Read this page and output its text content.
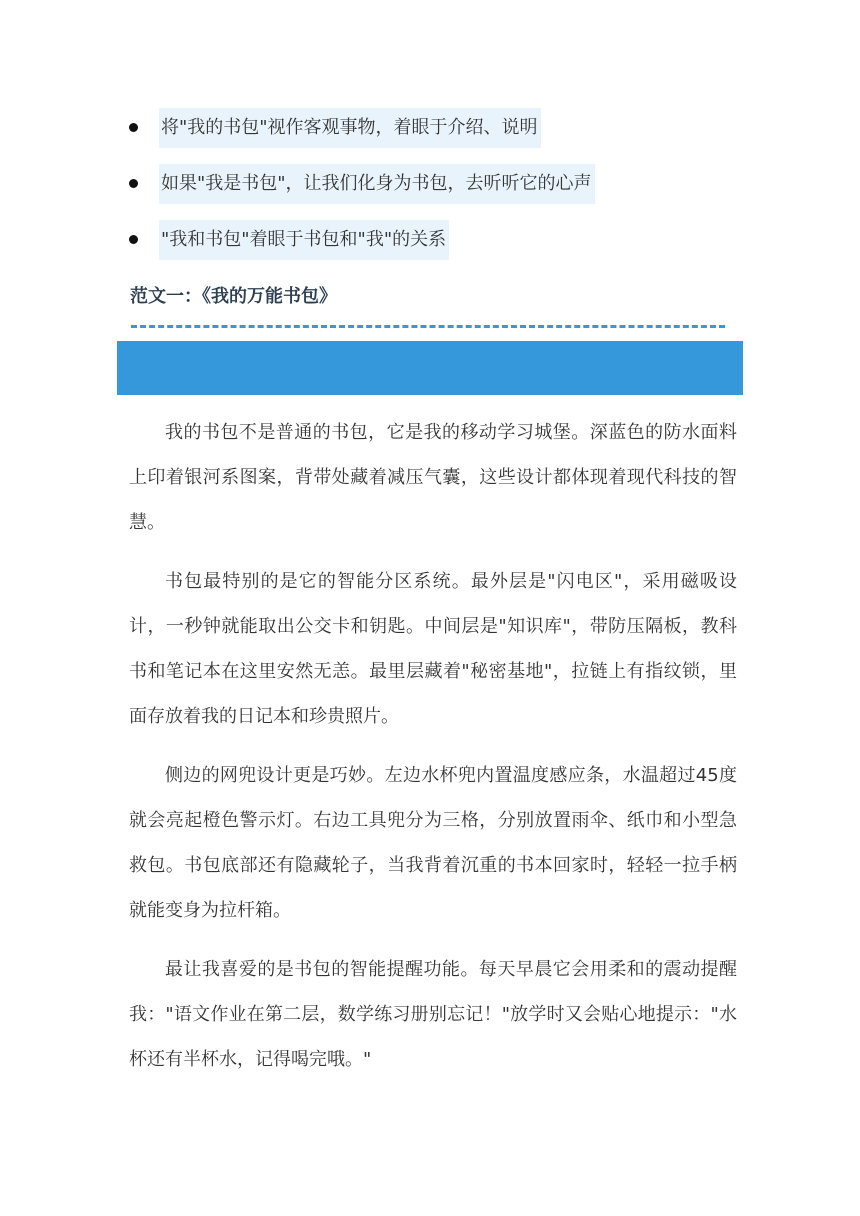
将"我的书包"视作客观事物，着眼于介绍、说明
如果"我是书包"，让我们化身为书包，去听听它的心声
"我和书包"着眼于书包和"我"的关系
范文一：《我的万能书包》

我的书包不是普通的书包，它是我的移动学习城堡。深蓝色的防水面料上印着银河系图案，背带处藏着减压气囊，这些设计都体现着现代科技的智慧。

书包最特别的是它的智能分区系统。最外层是"闪电区"，采用磁吸设计，一秒钟就能取出公交卡和钥匙。中间层是"知识库"，带防压隔板，教科书和笔记本在这里安然无恙。最里层藏着"秘密基地"，拉链上有指纹锁，里面存放着我的日记本和珍贵照片。

侧边的网兜设计更是巧妙。左边水杯兜内置温度感应条，水温超过45度就会亮起橙色警示灯。右边工具兜分为三格，分别放置雨伞、纸巾和小型急救包。书包底部还有隐藏轮子，当我背着沉重的书本回家时，轻轻一拉手柄就能变身为拉杆箱。

最让我喜爱的是书包的智能提醒功能。每天早晨它会用柔和的震动提醒我："语文作业在第二层，数学练习册别忘记！"放学时又会贴心地提示："水杯还有半杯水，记得喝完哦。"
